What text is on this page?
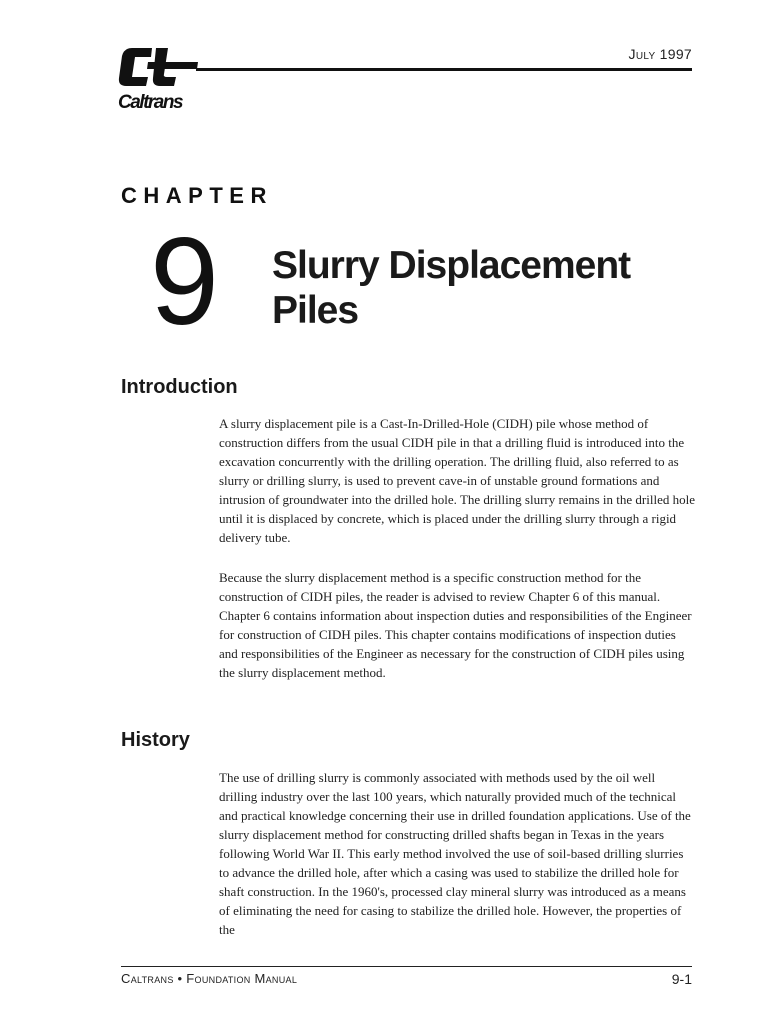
Caltrans
July 1997
CHAPTER
9 Slurry Displacement
Piles
Introduction

A slurry displacement pile is a Cast-In-Drilled-Hole (CIDH) pile whose method of construction differs from the usual CIDH pile in that a drilling fluid is introduced into the excavation concurrently with the drilling operation. The drilling fluid, also referred to as slurry or drilling slurry, is used to prevent cave-in of unstable ground formations and intrusion of groundwater into the drilled hole. The drilling slurry remains in the drilled hole until it is displaced by concrete, which is placed under the drilling slurry through a rigid delivery tube.

Because the slurry displacement method is a specific construction method for the construction of CIDH piles, the reader is advised to review Chapter 6 of this manual. Chapter 6 contains information about inspection duties and responsibilities of the Engineer for construction of CIDH piles. This chapter contains modifications of inspection duties and responsibilities of the Engineer as necessary for the construction of CIDH piles using the slurry displacement method.

History

The use of drilling slurry is commonly associated with methods used by the oil well drilling industry over the last 100 years, which naturally provided much of the technical and practical knowledge concerning their use in drilled foundation applications. Use of the slurry displacement method for constructing drilled shafts began in Texas in the years following World War II. This early method involved the use of soil-based drilling slurries to advance the drilled hole, after which a casing was used to stabilize the drilled hole for shaft construction. In the 1960's, processed clay mineral slurry was introduced as a means of eliminating the need for casing to stabilize the drilled hole. However, the properties of the

Caltrans • Foundation Manual	9-1
